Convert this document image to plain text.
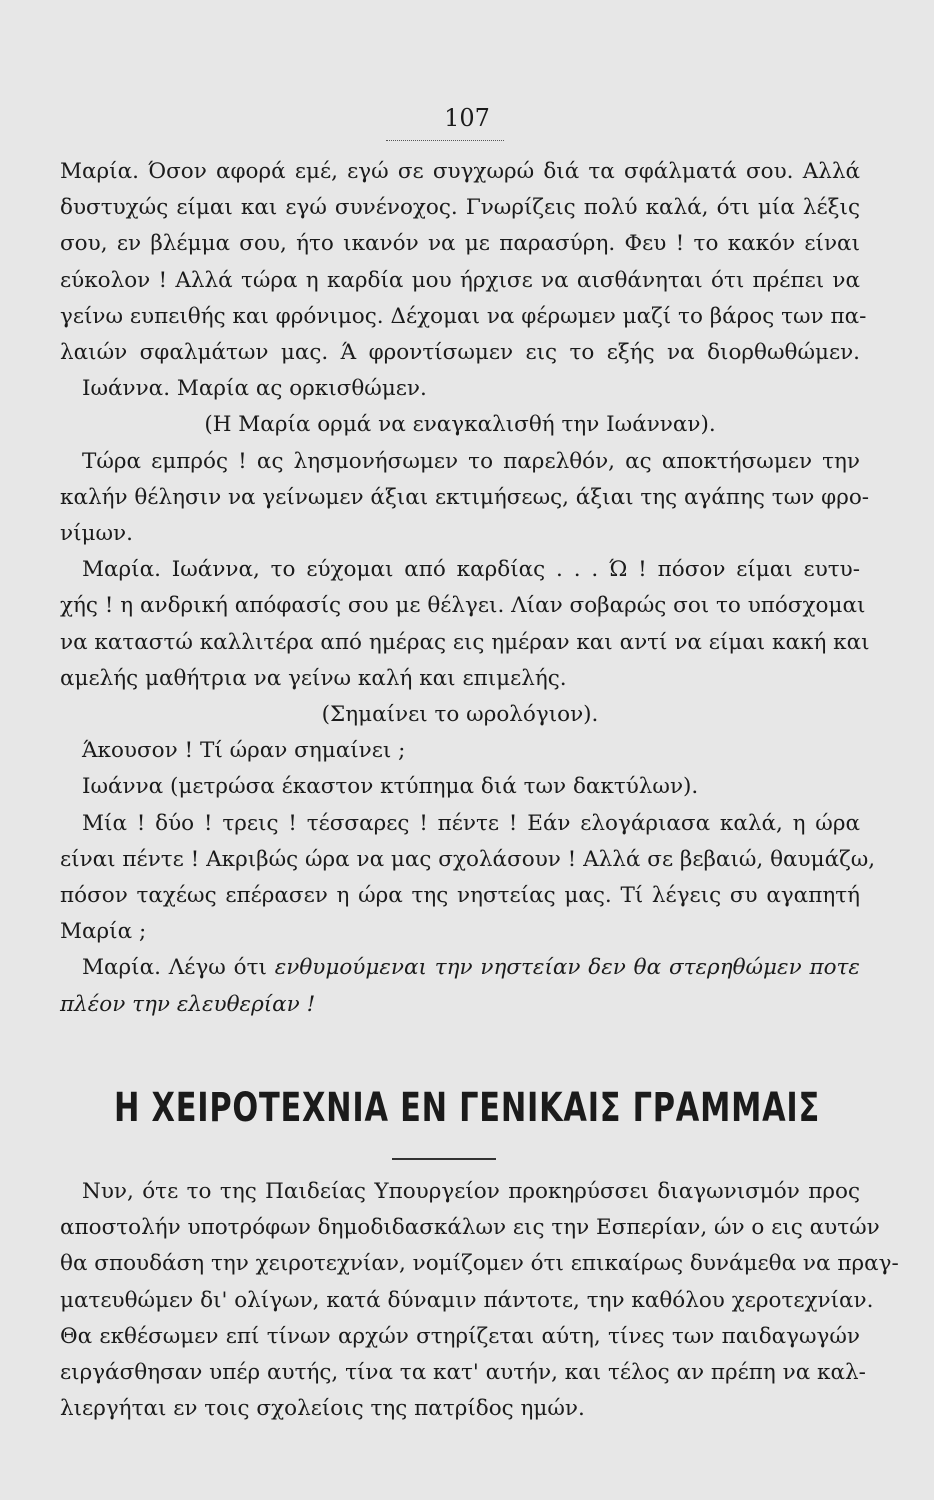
107
Μαρία. Όσον αφορά εμέ, εγώ σε συγχωρώ διά τα σφάλματά σου. Αλλά
δυστυχώς είμαι και εγώ συνένοχος. Γνωρίζεις πολύ καλά, ότι μία λέξις
σου, εν βλέμμα σου, ήτο ικανόν να με παρασύρη. Φευ ! το κακόν είναι
εύκολον ! Αλλά τώρα η καρδία μου ήρχισε να αισθάνηται ότι πρέπει να
γείνω ευπειθής και φρόνιμος. Δέχομαι να φέρωμεν μαζί το βάρος των πα-
λαιών σφαλμάτων μας. Ά φροντίσωμεν εις το εξής να διορθωθώμεν.
Ιωάννα. Μαρία ας ορκισθώμεν.
(Η Μαρία ορμά να εναγκαλισθή την Ιωάνναν).
Τώρα εμπρός ! ας λησμονήσωμεν το παρελθόν, ας αποκτήσωμεν την
καλήν θέλησιν να γείνωμεν άξιαι εκτιμήσεως, άξιαι της αγάπης των φρο-
νίμων.
Μαρία. Ιωάννα, το εύχομαι από καρδίας . . . Ώ ! πόσον είμαι ευτυ-
χής ! η ανδρική απόφασίς σου με θέλγει. Λίαν σοβαρώς σοι το υπόσχομαι
να καταστώ καλλιτέρα από ημέρας εις ημέραν και αντί να είμαι κακή και
αμελής μαθήτρια να γείνω καλή και επιμελής.
(Σημαίνει το ωρολόγιον).
Άκουσον ! Τί ώραν σημαίνει ;
Ιωάννα (μετρώσα έκαστον κτύπημα διά των δακτύλων).
Μία ! δύο ! τρεις ! τέσσαρες ! πέντε ! Εάν ελογάριασα καλά, η ώρα
είναι πέντε ! Ακριβώς ώρα να μας σχολάσουν ! Αλλά σε βεβαιώ, θαυμάζω,
πόσον ταχέως επέρασεν η ώρα της νηστείας μας. Τί λέγεις συ αγαπητή
Μαρία ;
Μαρία. Λέγω ότι ενθυμούμεναι την νηστείαν δεν θα στερηθώμεν ποτε
πλέον την ελευθερίαν !
Η ΧΕΙΡΟΤΕΧΝΙΑ ΕΝ ΓΕΝΙΚΑΙΣ ΓΡΑΜΜΑΙΣ
Νυν, ότε το της Παιδείας Υπουργείον προκηρύσσει διαγωνισμόν προς
αποστολήν υποτρόφων δημοδιδασκάλων εις την Εσπερίαν, ών ο εις αυτών
θα σπουδάση την χειροτεχνίαν, νομίζομεν ότι επικαίρως δυνάμεθα να πραγ-
ματευθώμεν δι' ολίγων, κατά δύναμιν πάντοτε, την καθόλου χεροτεχνίαν.
Θα εκθέσωμεν επί τίνων αρχών στηρίζεται αύτη, τίνες των παιδαγωγών
ειργάσθησαν υπέρ αυτής, τίνα τα κατ' αυτήν, και τέλος αν πρέπη να καλ-
λιεργήται εν τοις σχολείοις της πατρίδος ημών.
